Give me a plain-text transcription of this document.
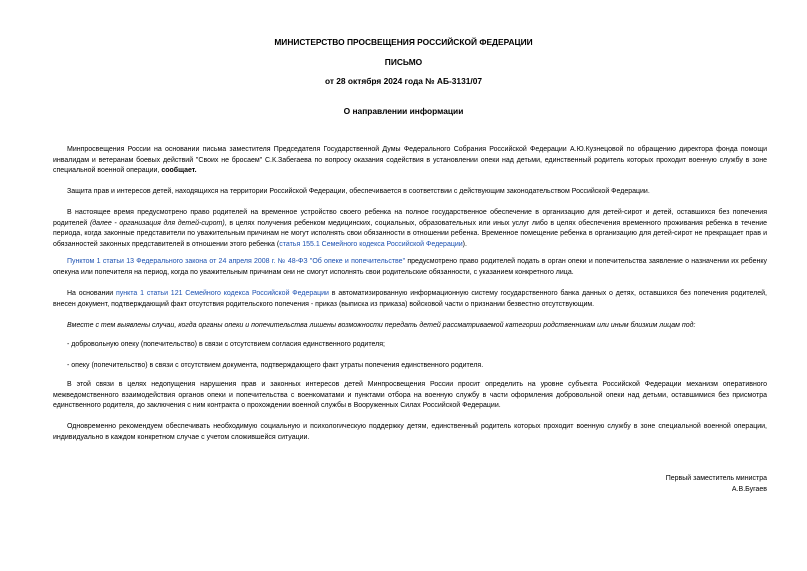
МИНИСТЕРСТВО ПРОСВЕЩЕНИЯ РОССИЙСКОЙ ФЕДЕРАЦИИ
ПИСЬМО
от 28 октября 2024 года № АБ-3131/07
О направлении информации
Минпросвещения России на основании письма заместителя Председателя Государственной Думы Федерального Собрания Российской Федерации А.Ю.Кузнецовой по обращению директора фонда помощи инвалидам и ветеранам боевых действий "Своих не бросаем" С.К.Забегаева по вопросу оказания содействия в установлении опеки над детьми, единственный родитель которых проходит военную службу в зоне специальной военной операции, сообщает.
Защита прав и интересов детей, находящихся на территории Российской Федерации, обеспечивается в соответствии с действующим законодательством Российской Федерации.
В настоящее время предусмотрено право родителей на временное устройство своего ребенка на полное государственное обеспечение в организацию для детей-сирот и детей, оставшихся без попечения родителей (далее - организация для детей-сирот), в целях получения ребенком медицинских, социальных, образовательных или иных услуг либо в целях обеспечения временного проживания ребенка в течение периода, когда законные представители по уважительным причинам не могут исполнять свои обязанности в отношении ребенка. Временное помещение ребенка в организацию для детей-сирот не прекращает прав и обязанностей законных представителей в отношении этого ребенка (статья 155.1 Семейного кодекса Российской Федерации).
Пунктом 1 статьи 13 Федерального закона от 24 апреля 2008 г. № 48-ФЗ "Об опеке и попечительстве" предусмотрено право родителей подать в орган опеки и попечительства заявление о назначении их ребенку опекуна или попечителя на период, когда по уважительным причинам они не смогут исполнять свои родительские обязанности, с указанием конкретного лица.
На основании пункта 1 статьи 121 Семейного кодекса Российской Федерации в автоматизированную информационную систему государственного банка данных о детях, оставшихся без попечения родителей, внесен документ, подтверждающий факт отсутствия родительского попечения - приказ (выписка из приказа) войсковой части о признании безвестно отсутствующим.
Вместе с тем выявлены случаи, когда органы опеки и попечительства лишены возможности передать детей рассматриваемой категории родственникам или иным близким лицам под:
- добровольную опеку (попечительство) в связи с отсутствием согласия единственного родителя;
- опеку (попечительство) в связи с отсутствием документа, подтверждающего факт утраты попечения единственного родителя.
В этой связи в целях недопущения нарушения прав и законных интересов детей Минпросвещения России просит определить на уровне субъекта Российской Федерации механизм оперативного межведомственного взаимодействия органов опеки и попечительства с военкоматами и пунктами отбора на военную службу в части оформления добровольной опеки над детьми, оставшимися без присмотра единственного родителя, до заключения с ним контракта о прохождении военной службы в Вооруженных Силах Российской Федерации.
Одновременно рекомендуем обеспечивать необходимую социальную и психологическую поддержку детям, единственный родитель которых проходит военную службу в зоне специальной военной операции, индивидуально в каждом конкретном случае с учетом сложившейся ситуации.
Первый заместитель министра
А.В.Бугаев
